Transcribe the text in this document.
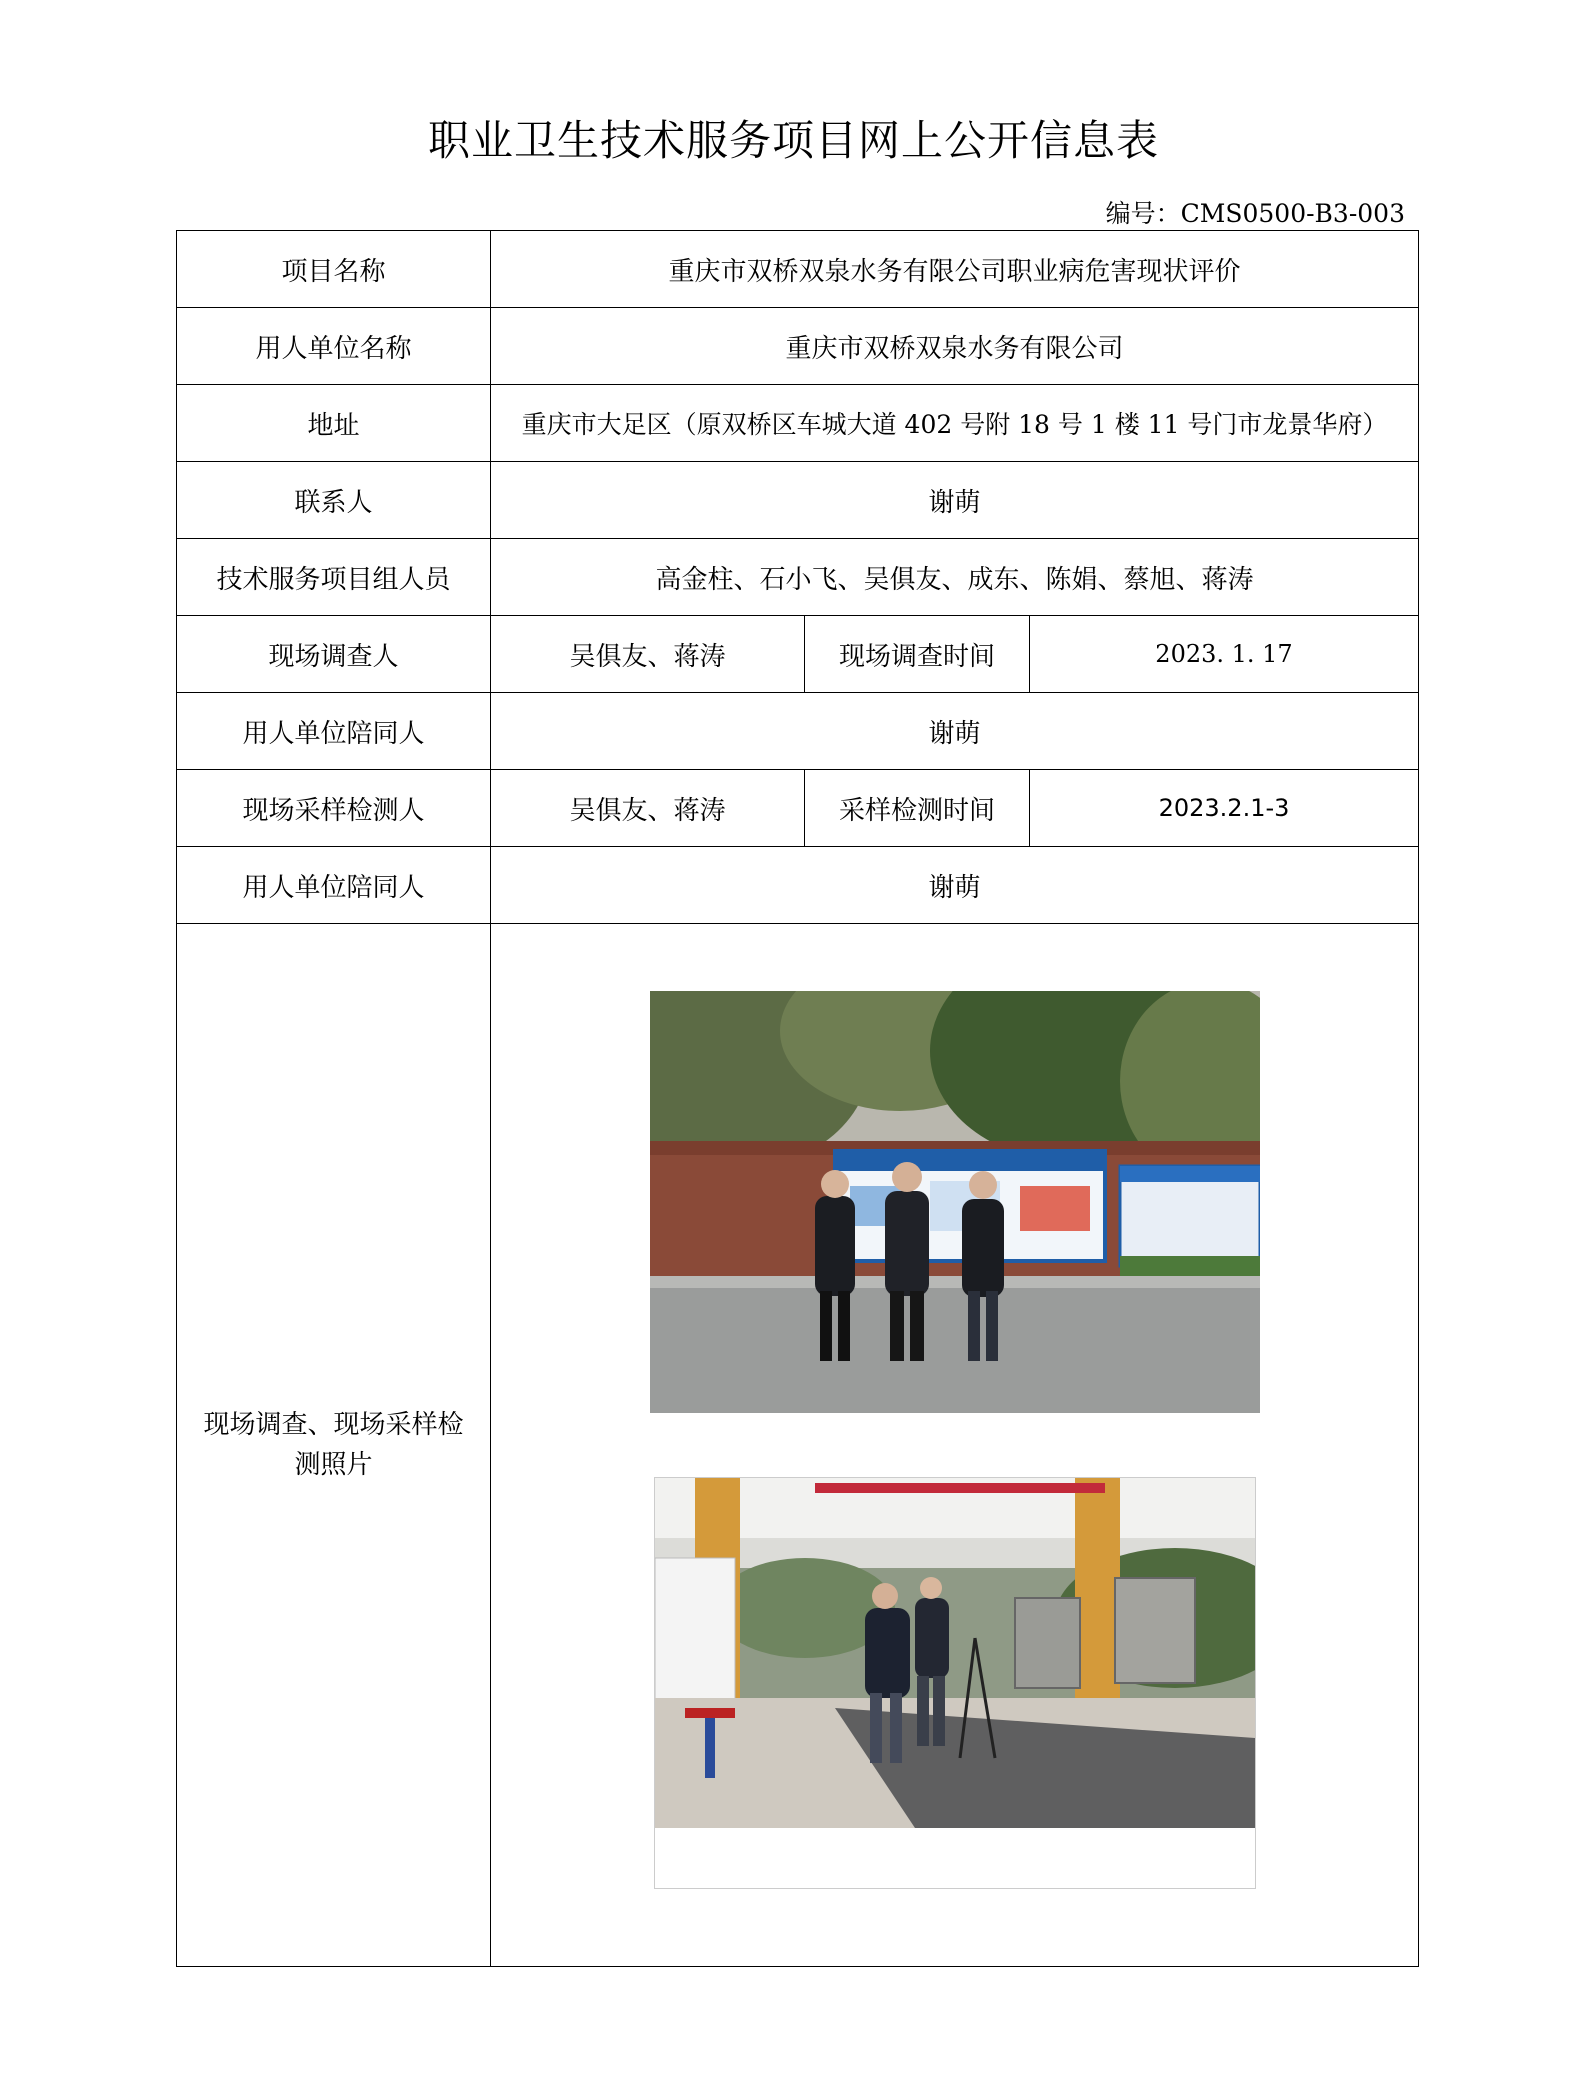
职业卫生技术服务项目网上公开信息表
编号：CMS0500-B3-003
项目名称	重庆市双桥双泉水务有限公司职业病危害现状评价		
用人单位名称	重庆市双桥双泉水务有限公司		
地址	重庆市大足区（原双桥区车城大道 402 号附 18 号 1 楼 11 号门市龙景华府）		
联系人	谢萌		
技术服务项目组人员	高金柱、石小飞、吴俱友、成东、陈娟、蔡旭、蒋涛		
现场调查人	吴俱友、蒋涛	现场调查时间	2023. 1. 17
用人单位陪同人	谢萌		
现场采样检测人	吴俱友、蒋涛	采样检测时间	2023.2.1-3
用人单位陪同人	谢萌		
现场调查、现场采样检测照片	
